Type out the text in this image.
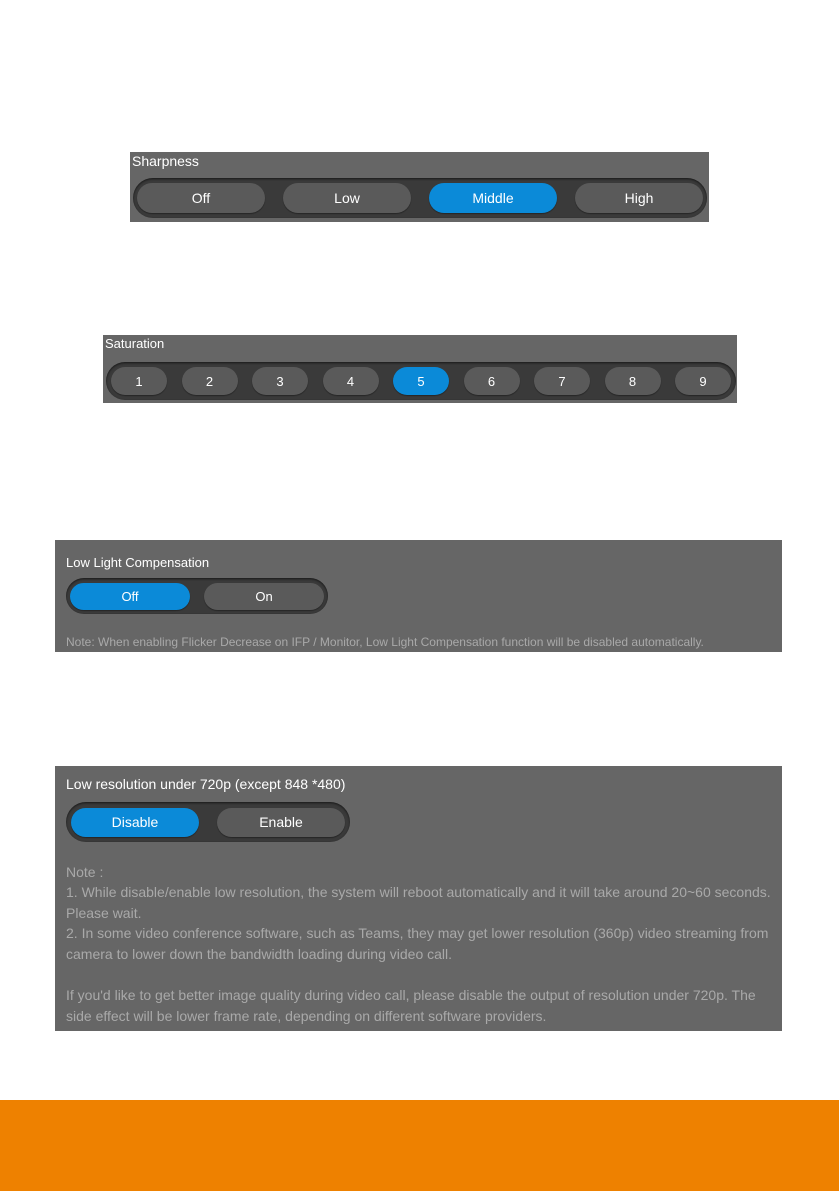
Sharpness
Off	Low	Middle	High
Saturation
1	2	3	4	5	6	7	8	9
Low Light Compensation
Off	On
Note: When enabling Flicker Decrease on IFP / Monitor, Low Light Compensation function will be disabled automatically.
Low resolution under 720p (except 848 *480)
Disable	Enable
Note :
1. While disable/enable low resolution, the system will reboot automatically and it will take around 20~60 seconds. Please wait.
2. In some video conference software, such as Teams, they may get lower resolution (360p) video streaming from camera to lower down the bandwidth loading during video call.
If you'd like to get better image quality during video call, please disable the output of resolution under 720p. The side effect will be lower frame rate, depending on different software providers.
